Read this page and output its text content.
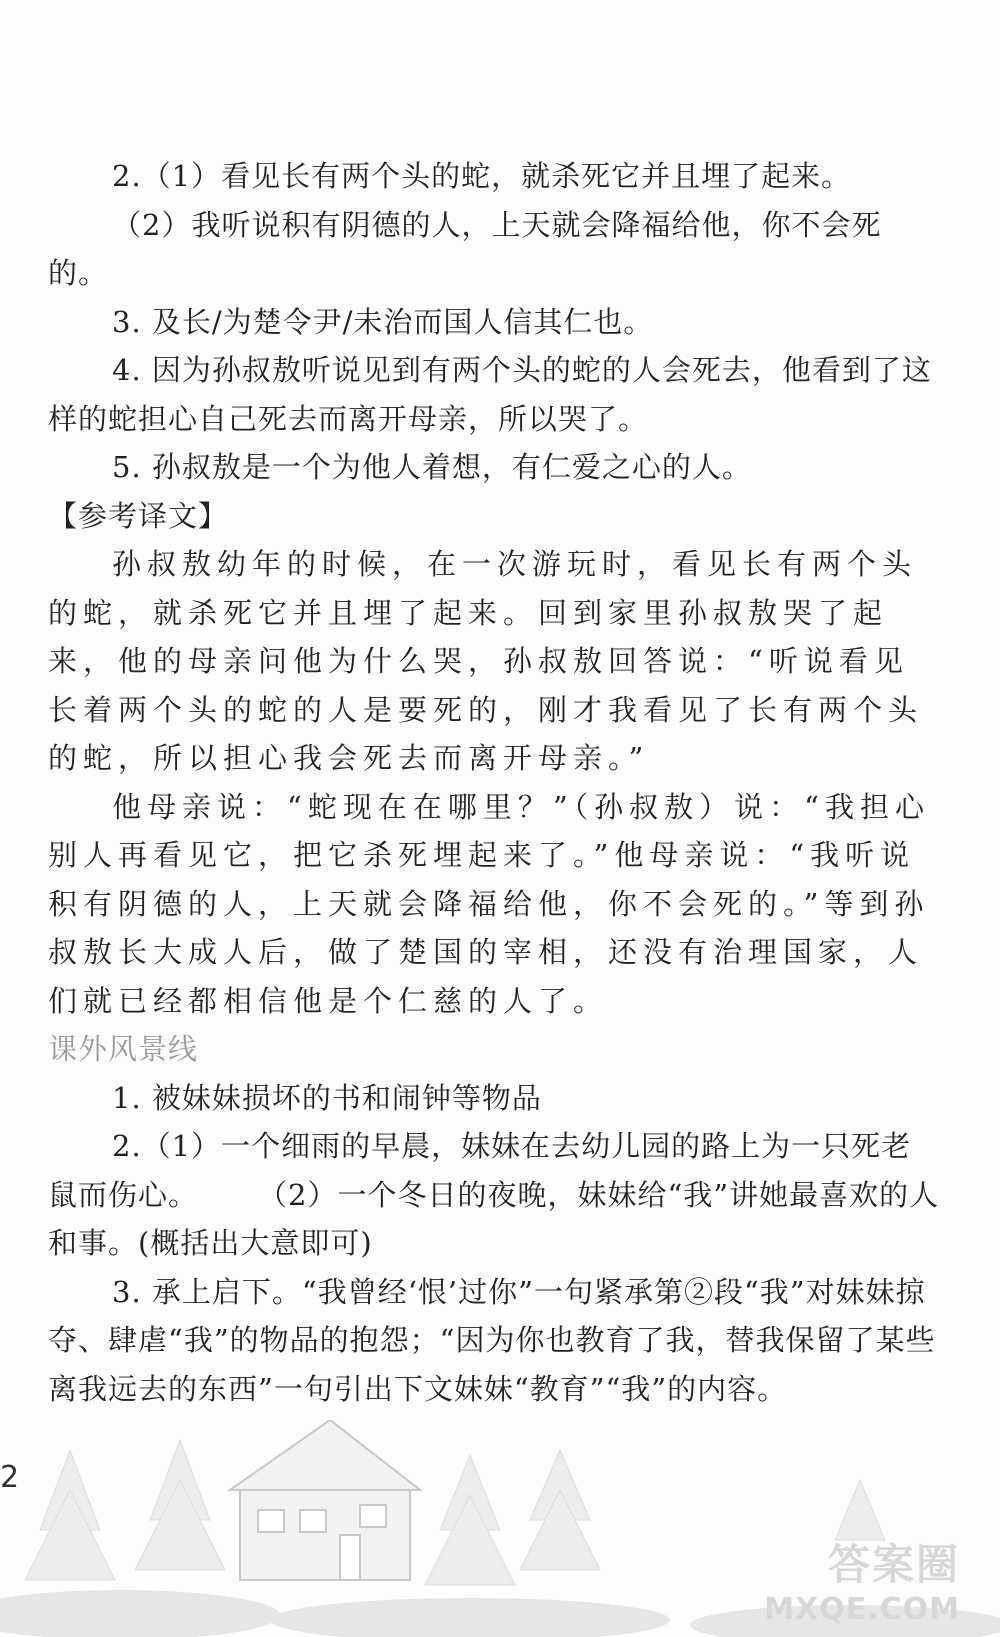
2.（1）看见长有两个头的蛇，就杀死它并且埋了起来。

（2）我听说积有阴德的人，上天就会降福给他，你不会死的。

3. 及长/为楚令尹/未治而国人信其仁也。

4. 因为孙叔敖听说见到有两个头的蛇的人会死去，他看到了这样的蛇担心自己死去而离开母亲，所以哭了。

5. 孙叔敖是一个为他人着想，有仁爱之心的人。

【参考译文】

孙叔敖幼年的时候，在一次游玩时，看见长有两个头的蛇，就杀死它并且埋了起来。回到家里孙叔敖哭了起来，他的母亲问他为什么哭，孙叔敖回答说：“听说看见长着两个头的蛇的人是要死的，刚才我看见了长有两个头的蛇，所以担心我会死去而离开母亲。”

他母亲说：“蛇现在在哪里？”（孙叔敖）说：“我担心别人再看见它，把它杀死埋起来了。”他母亲说：“我听说积有阴德的人，上天就会降福给他，你不会死的。”等到孙叔敖长大成人后，做了楚国的宰相，还没有治理国家，人们就已经都相信他是个仁慈的人了。

课外风景线

1. 被妹妹损坏的书和闹钟等物品

2.（1）一个细雨的早晨，妹妹在去幼儿园的路上为一只死老鼠而伤心。 （2）一个冬日的夜晚，妹妹给“我”讲她最喜欢的人和事。(概括出大意即可)

3. 承上启下。“我曾经‘恨’过你”一句紧承第②段“我”对妹妹掠夺、肆虐“我”的物品的抱怨；“因为你也教育了我，替我保留了某些离我远去的东西”一句引出下文妹妹“教育”“我”的内容。

2
答案圈
MXQE.COM
